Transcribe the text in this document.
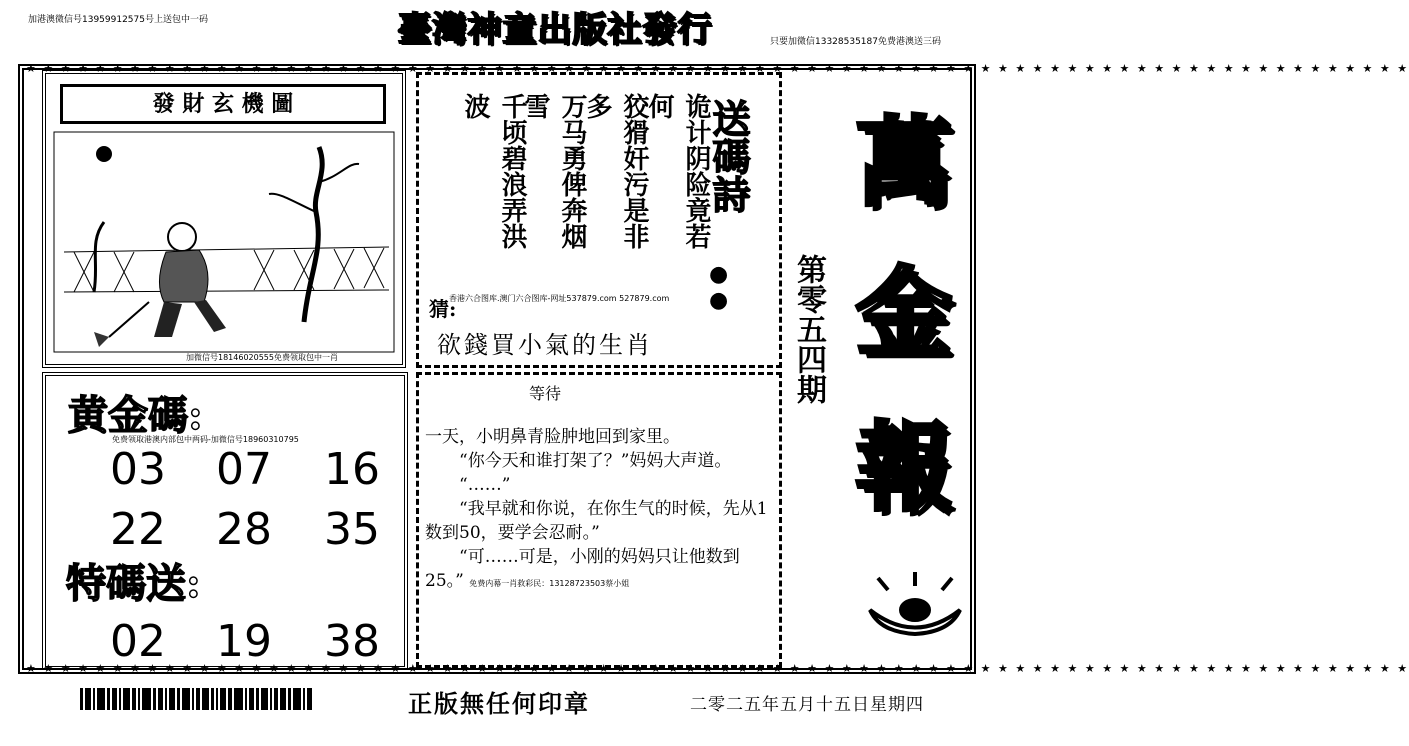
加港澳微信号13959912575号上送包中一码	臺灣神童出版社發行	只要加微信13328535187免费港澳送三码
★ ★ ★ ★ ★ ★ ★ ★ ★ ★ ★ ★ ★ ★ ★ ★ ★ ★ ★ ★ ★ ★ ★ ★ ★ ★ ★ ★ ★ ★ ★ ★ ★ ★ ★ ★ ★ ★ ★ ★ ★ ★ ★ ★ ★ ★ ★ ★ ★ ★ ★ ★ ★ ★ ★ ★ ★ ★ ★ ★ ★ ★ ★ ★ ★ ★ ★ ★ ★ ★ ★ ★ ★ ★ ★ ★ ★ ★ ★ ★
★ ★ ★ ★ ★ ★ ★ ★ ★ ★ ★ ★ ★ ★ ★ ★ ★ ★ ★ ★ ★ ★ ★ ★ ★ ★ ★ ★ ★ ★ ★ ★ ★ ★ ★ ★ ★ ★ ★ ★ ★ ★ ★ ★ ★ ★ ★ ★ ★ ★ ★ ★ ★ ★ ★ ★ ★ ★ ★ ★ ★ ★ ★ ★ ★ ★ ★ ★ ★ ★ ★ ★ ★ ★ ★ ★ ★ ★ ★ ★
發 財 玄 機 圖
加微信号18146020555免费领取包中一肖
诡计阴险竟若何
狡猾奸污是非多
万马勇俾奔烟雪
千顷碧浪弄洪波	送碼詩
●
●
香港六合图库.澳门六合图库-网址537879.com 527879.com
猜:
欲錢買小氣的生肖	第零五四期
萬
金
報
黄金碼:
免费领取港澳内部包中两码-加微信号18960310795
03 07 16
22 28 35
特碼送:
02 19 38
等待
一天，小明鼻青脸肿地回到家里。
“你今天和谁打架了？”妈妈大声道。
“……”
“我早就和你说，在你生气的时候，先从1数到50，要学会忍耐。”
“可……可是，小刚的妈妈只让他数到25。” 免费内幕一肖救彩民：13128723503蔡小姐
正版無任何印章	二零二五年五月十五日星期四
